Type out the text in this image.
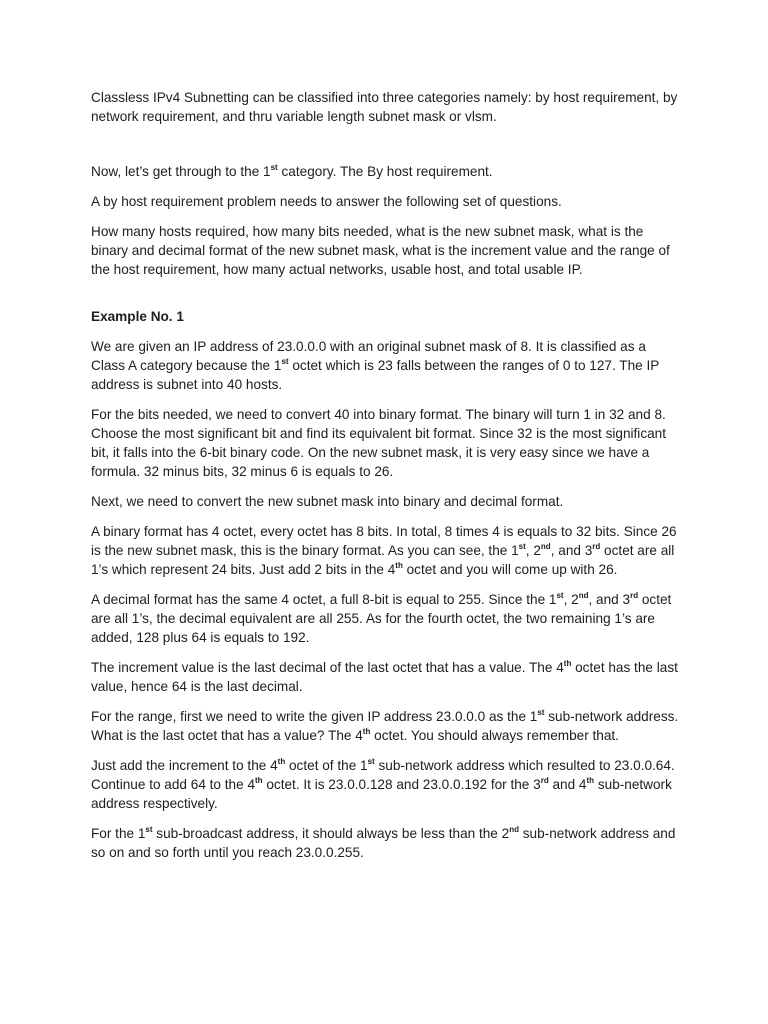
Classless IPv4 Subnetting can be classified into three categories namely: by host requirement, by network requirement, and thru variable length subnet mask or vlsm.

Now, let’s get through to the 1st category. The By host requirement.

A by host requirement problem needs to answer the following set of questions.

How many hosts required, how many bits needed, what is the new subnet mask, what is the binary and decimal format of the new subnet mask, what is the increment value and the range of the host requirement, how many actual networks, usable host, and total usable IP.

Example No. 1

We are given an IP address of 23.0.0.0 with an original subnet mask of 8. It is classified as a Class A category because the 1st octet which is 23 falls between the ranges of 0 to 127. The IP address is subnet into 40 hosts.

For the bits needed, we need to convert 40 into binary format. The binary will turn 1 in 32 and 8. Choose the most significant bit and find its equivalent bit format. Since 32 is the most significant bit, it falls into the 6-bit binary code. On the new subnet mask, it is very easy since we have a formula. 32 minus bits, 32 minus 6 is equals to 26.

Next, we need to convert the new subnet mask into binary and decimal format.

A binary format has 4 octet, every octet has 8 bits. In total, 8 times 4 is equals to 32 bits. Since 26 is the new subnet mask, this is the binary format. As you can see, the 1st, 2nd, and 3rd octet are all 1’s which represent 24 bits. Just add 2 bits in the 4th octet and you will come up with 26.

A decimal format has the same 4 octet, a full 8-bit is equal to 255. Since the 1st, 2nd, and 3rd octet are all 1’s, the decimal equivalent are all 255. As for the fourth octet, the two remaining 1’s are added, 128 plus 64 is equals to 192.

The increment value is the last decimal of the last octet that has a value. The 4th octet has the last value, hence 64 is the last decimal.

For the range, first we need to write the given IP address 23.0.0.0 as the 1st sub-network address. What is the last octet that has a value? The 4th octet. You should always remember that.

Just add the increment to the 4th octet of the 1st sub-network address which resulted to 23.0.0.64. Continue to add 64 to the 4th octet. It is 23.0.0.128 and 23.0.0.192 for the 3rd and 4th sub-network address respectively.

For the 1st sub-broadcast address, it should always be less than the 2nd sub-network address and so on and so forth until you reach 23.0.0.255.
